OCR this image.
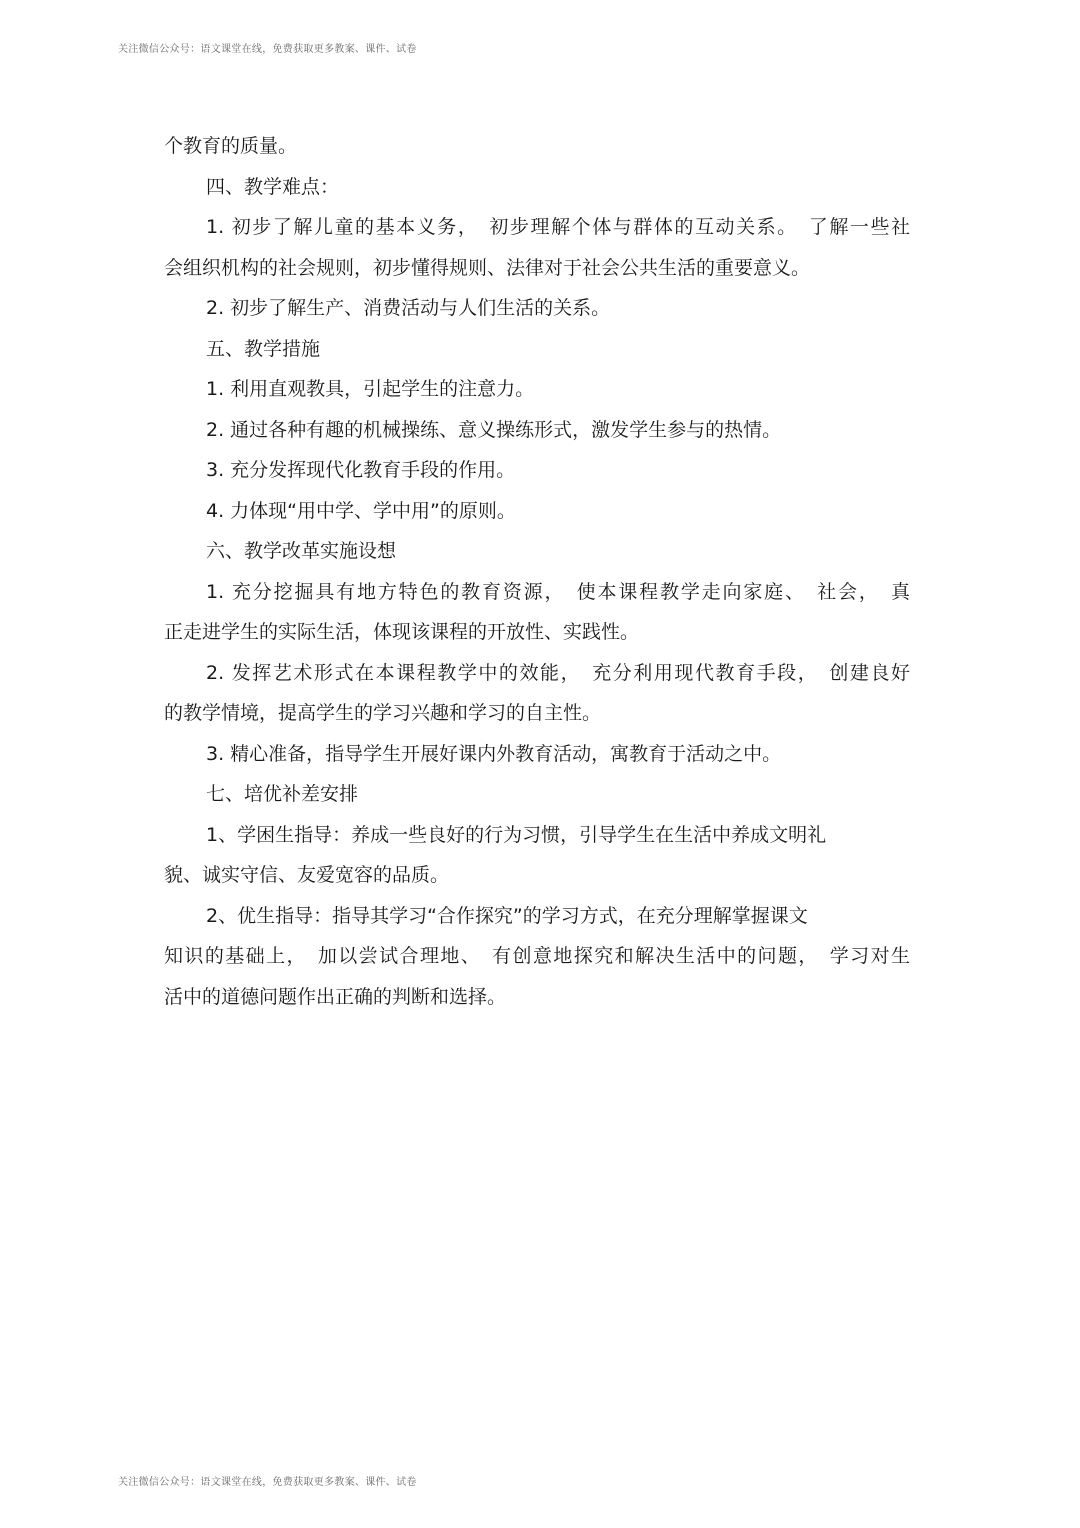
关注微信公众号：语文课堂在线，免费获取更多教案、课件、试卷
个教育的质量。
四、教学难点：
1. 初步了解儿童的基本义务，　初步理解个体与群体的互动关系。　了解一些社
会组织机构的社会规则，初步懂得规则、法律对于社会公共生活的重要意义。
2. 初步了解生产、消费活动与人们生活的关系。
五、教学措施
1. 利用直观教具，引起学生的注意力。
2. 通过各种有趣的机械操练、意义操练形式，激发学生参与的热情。
3. 充分发挥现代化教育手段的作用。
4. 力体现“用中学、学中用”的原则。
六、教学改革实施设想
1. 充分挖掘具有地方特色的教育资源，　使本课程教学走向家庭、　社会，　真
正走进学生的实际生活，体现该课程的开放性、实践性。
2. 发挥艺术形式在本课程教学中的效能，　充分利用现代教育手段，　创建良好
的教学情境，提高学生的学习兴趣和学习的自主性。
3. 精心准备，指导学生开展好课内外教育活动，寓教育于活动之中。
七、培优补差安排
1、学困生指导：养成一些良好的行为习惯，引导学生在生活中养成文明礼
貌、诚实守信、友爱宽容的品质。
2、优生指导：指导其学习“合作探究”的学习方式，在充分理解掌握课文
知识的基础上，　加以尝试合理地、　有创意地探究和解决生活中的问题，　学习对生
活中的道德问题作出正确的判断和选择。
关注微信公众号：语文课堂在线，免费获取更多教案、课件、试卷
